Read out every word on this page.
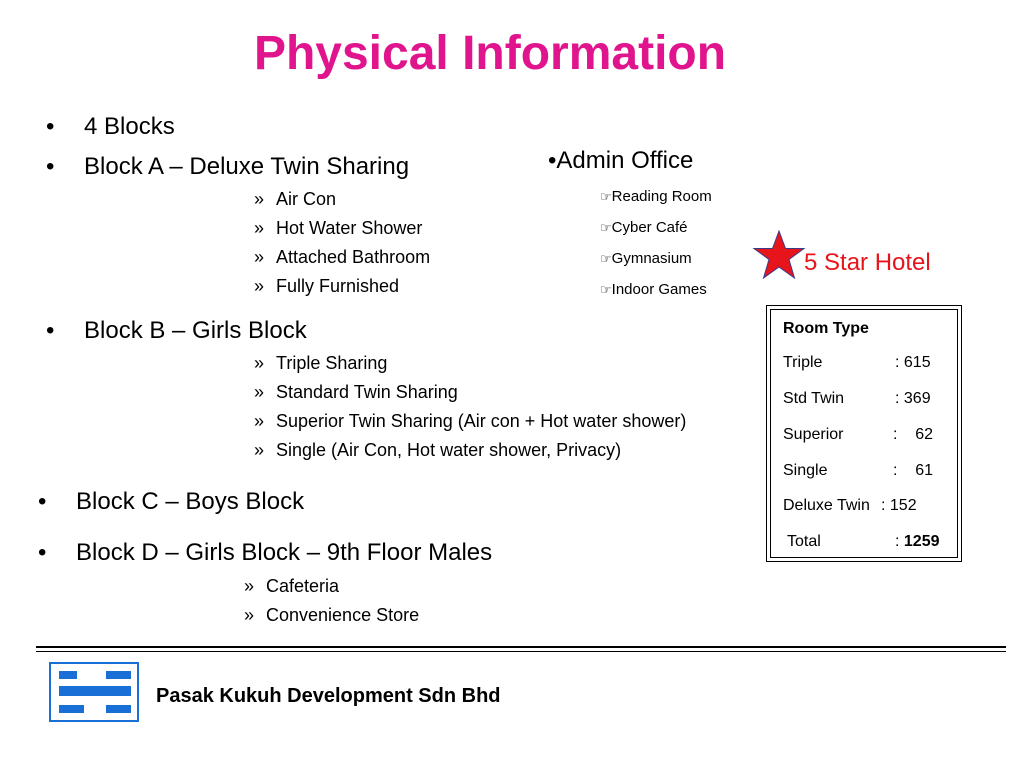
Physical Information
• 4 Blocks
• Block A – Deluxe Twin Sharing
» Air Con
» Hot Water Shower
» Attached Bathroom
» Fully Furnished
• Block B – Girls Block
» Triple Sharing
» Standard Twin Sharing
» Superior Twin Sharing (Air con + Hot water shower)
» Single (Air Con, Hot water shower, Privacy)
• Block C – Boys Block
• Block D – Girls Block – 9th Floor Males
» Cafeteria
» Convenience Store
•Admin Office
☞Reading Room
☞Cyber Café
☞Gymnasium
☞Indoor Games
5 Star Hotel
Room Type
Triple	: 615
Std Twin	: 369
Superior	:    62
Single	:    61
Deluxe Twin : 152
Total	: 1259
Pasak Kukuh Development Sdn Bhd
